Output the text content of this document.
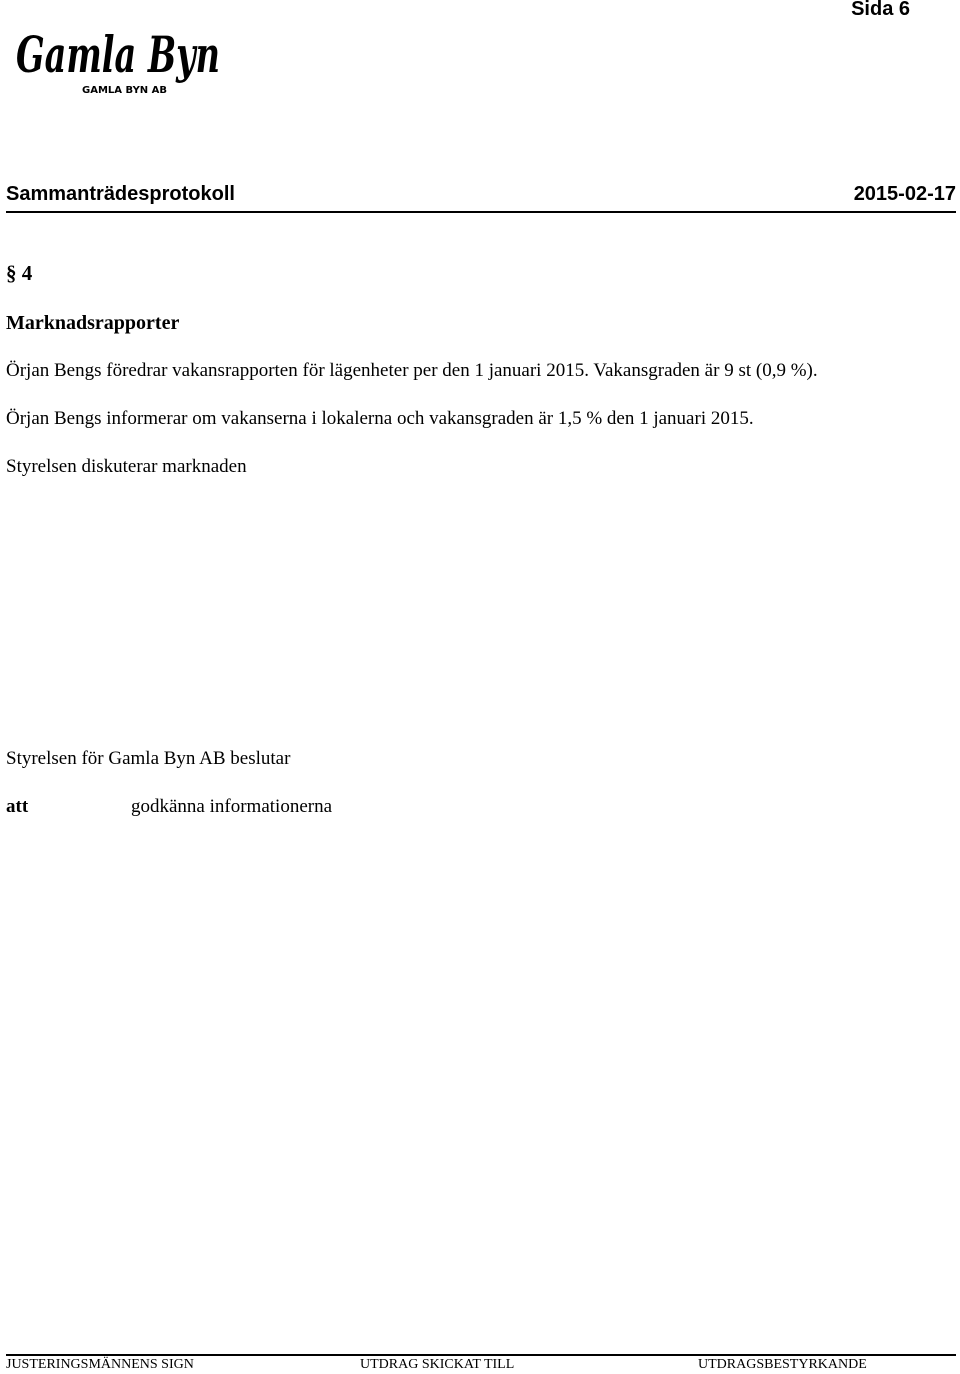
Sida 6
Gamla Byn
GAMLA BYN AB
Sammanträdesprotokoll	2015-02-17
§ 4
Marknadsrapporter
Örjan Bengs föredrar vakansrapporten för lägenheter per den 1 januari 2015. Vakansgraden är 9 st (0,9 %).
Örjan Bengs informerar om vakanserna i lokalerna och vakansgraden är 1,5 % den 1 januari 2015.
Styrelsen diskuterar marknaden
Styrelsen för Gamla Byn AB beslutar
att	godkänna informationerna
JUSTERINGSMÄNNENS SIGN	UTDRAG SKICKAT TILL	UTDRAGSBESTYRKANDE
